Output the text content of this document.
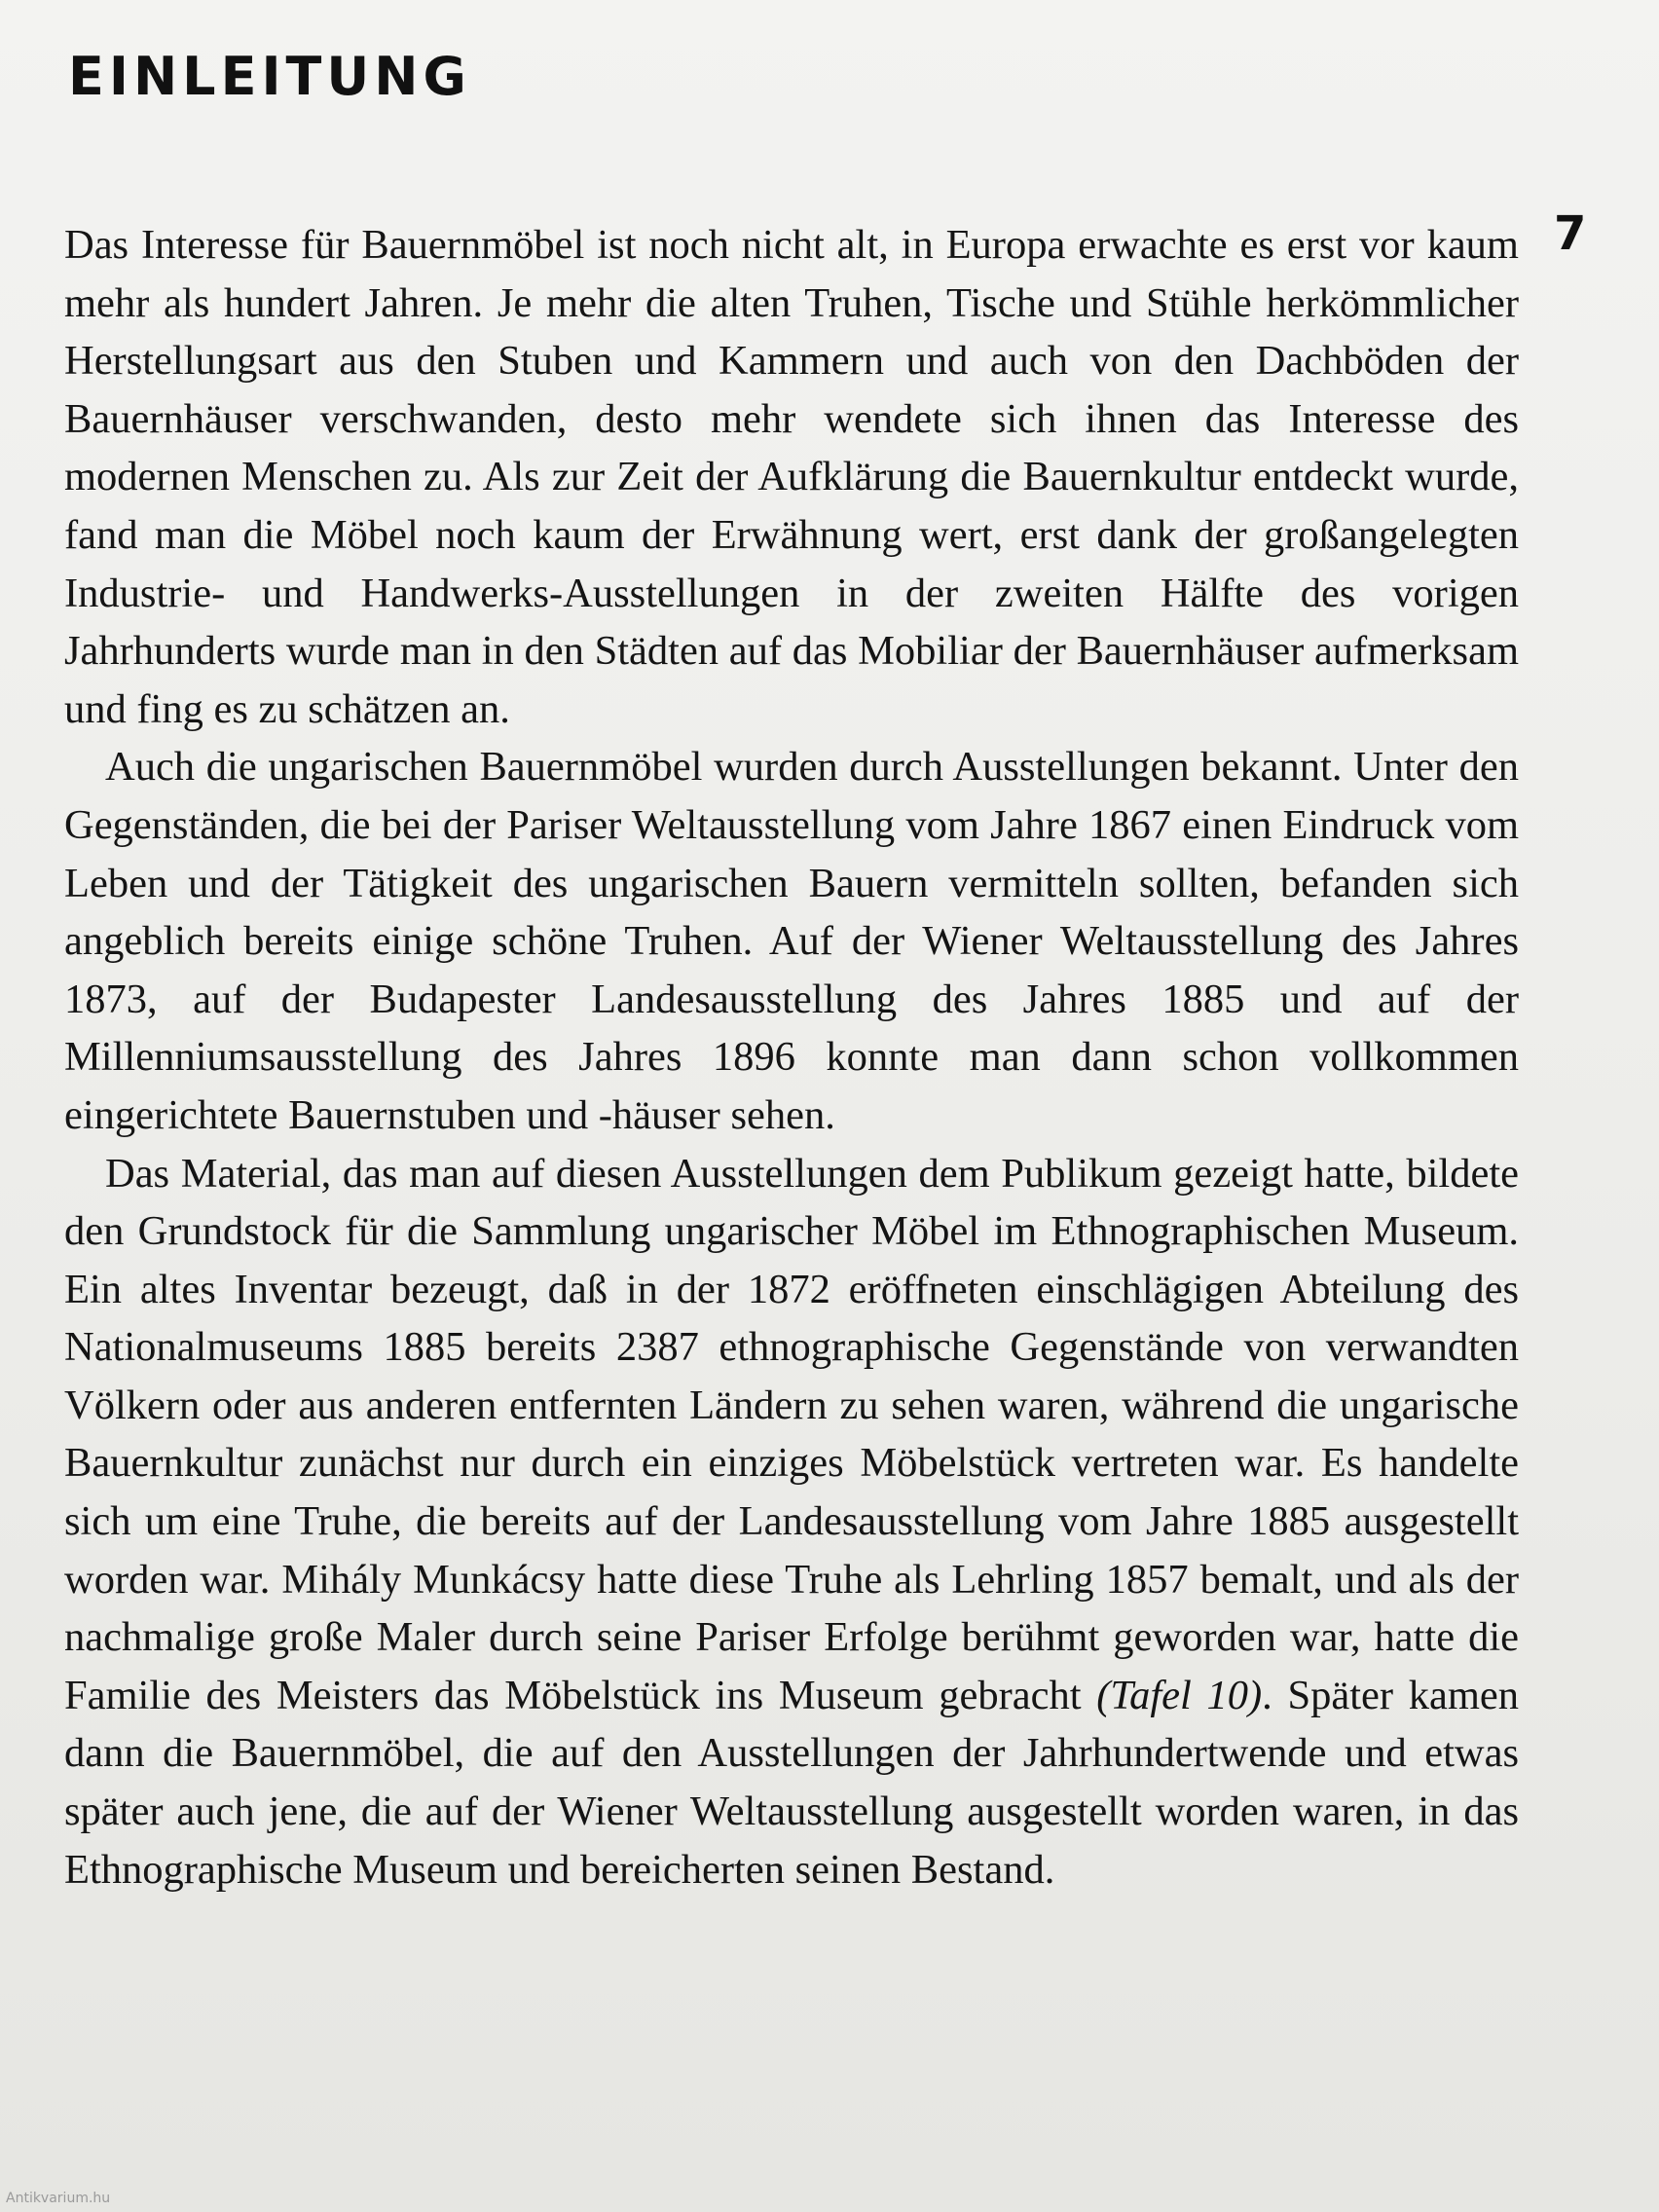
EINLEITUNG
7

Das Interesse für Bauernmöbel ist noch nicht alt, in Europa erwachte es erst vor kaum mehr als hundert Jahren. Je mehr die alten Truhen, Tische und Stühle herkömmlicher Herstellungsart aus den Stuben und Kammern und auch von den Dachböden der Bauernhäuser verschwanden, desto mehr wendete sich ihnen das Interesse des modernen Menschen zu. Als zur Zeit der Aufklärung die Bauernkultur entdeckt wurde, fand man die Möbel noch kaum der Erwähnung wert, erst dank der großangelegten Industrie- und Handwerks-Ausstellungen in der zweiten Hälfte des vorigen Jahrhunderts wurde man in den Städten auf das Mobiliar der Bauernhäuser aufmerksam und fing es zu schätzen an.

Auch die ungarischen Bauernmöbel wurden durch Ausstellungen bekannt. Unter den Gegenständen, die bei der Pariser Weltausstellung vom Jahre 1867 einen Eindruck vom Leben und der Tätigkeit des ungarischen Bauern vermitteln sollten, befanden sich angeblich bereits einige schöne Truhen. Auf der Wiener Weltausstellung des Jahres 1873, auf der Budapester Landesausstellung des Jahres 1885 und auf der Millenniumsausstellung des Jahres 1896 konnte man dann schon vollkommen eingerichtete Bauernstuben und -häuser sehen.

Das Material, das man auf diesen Ausstellungen dem Publikum gezeigt hatte, bildete den Grundstock für die Sammlung ungarischer Möbel im Ethnographischen Museum. Ein altes Inventar bezeugt, daß in der 1872 eröffneten einschlägigen Abteilung des Nationalmuseums 1885 bereits 2387 ethnographische Gegenstände von verwandten Völkern oder aus anderen entfernten Ländern zu sehen waren, während die ungarische Bauernkultur zunächst nur durch ein einziges Möbelstück vertreten war. Es handelte sich um eine Truhe, die bereits auf der Landesausstellung vom Jahre 1885 ausgestellt worden war. Mihály Munkácsy hatte diese Truhe als Lehrling 1857 bemalt, und als der nachmalige große Maler durch seine Pariser Erfolge berühmt geworden war, hatte die Familie des Meisters das Möbelstück ins Museum gebracht (Tafel 10). Später kamen dann die Bauernmöbel, die auf den Ausstellungen der Jahrhundertwende und etwas später auch jene, die auf der Wiener Weltausstellung ausgestellt worden waren, in das Ethnographische Museum und bereicherten seinen Bestand.

Antikvarium.hu
